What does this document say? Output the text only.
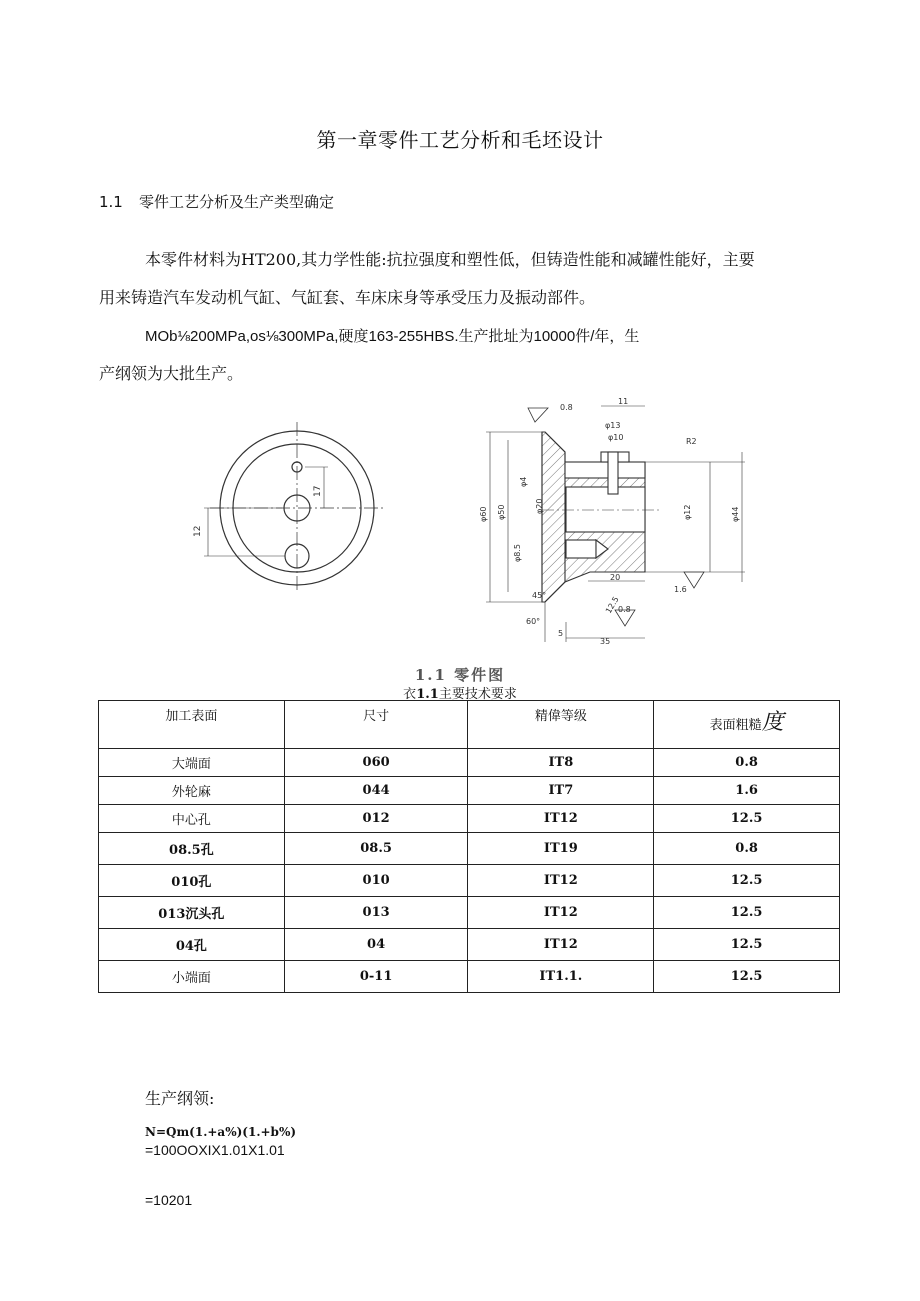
第一章零件工艺分析和毛坯设计
1.1 零件工艺分析及生产类型确定
本零件材料为HT200,其力学性能:抗拉强度和塑性低，但铸造性能和减罐性能好，主要
用来铸造汽车发动机气缸、气缸套、车床床身等承受压力及振动部件。
MOb⅛200MPa,os⅛300MPa,硬度163-255HBS.生产批址为10000件/年，生
产纲领为大批生产。
12
17
0.8
11
φ13
φ10	R2
φ4
φ20
φ60 φ50	φ12	φ44
φ8.5
20
45°
60°
5
35
12.5
0.8
1.6
1.1 零件图
衣1.1主要技术要求
加工表面	尺寸	精偉等级	表面粗糙度
大端面	060	IT8	0.8
外轮麻	044	IT7	1.6
中心孔	012	IT12	12.5
08.5孔	08.5	IT19	0.8
010孔	010	IT12	12.5
013沉头孔	013	IT12	12.5
04孔	04	IT12	12.5
小端面	0-11	IT1.1.	12.5
生产纲领:
N=Qm(1.+a%)(1.+b%)
=100OOXIX1.01X1.01
=10201
